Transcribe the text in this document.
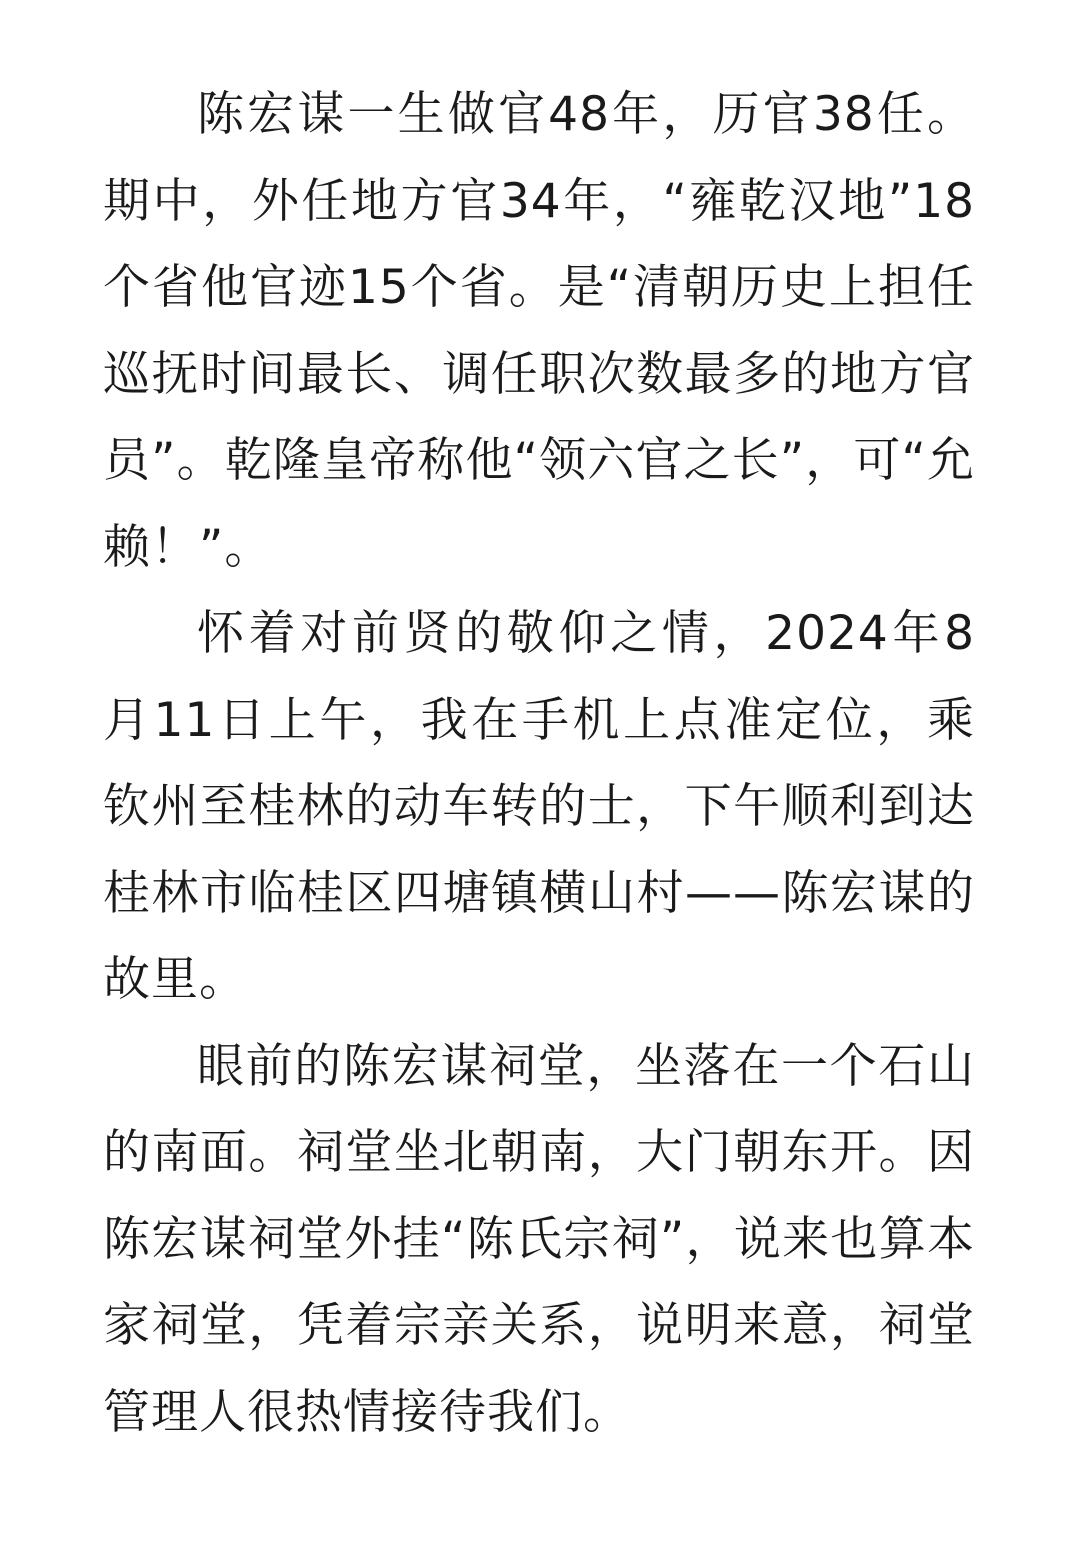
陈宏谋一生做官48年，历官38任。期中，外任地方官34年，“雍乾汉地”18个省他官迹15个省。是“清朝历史上担任巡抚时间最长、调任职次数最多的地方官员”。乾隆皇帝称他“领六官之长”，可“允赖！”。

怀着对前贤的敬仰之情，2024年8月11日上午，我在手机上点准定位，乘钦州至桂林的动车转的士，下午顺利到达桂林市临桂区四塘镇横山村——陈宏谋的故里。

眼前的陈宏谋祠堂，坐落在一个石山的南面。祠堂坐北朝南，大门朝东开。因陈宏谋祠堂外挂“陈氏宗祠”，说来也算本家祠堂，凭着宗亲关系，说明来意，祠堂管理人很热情接待我们。
